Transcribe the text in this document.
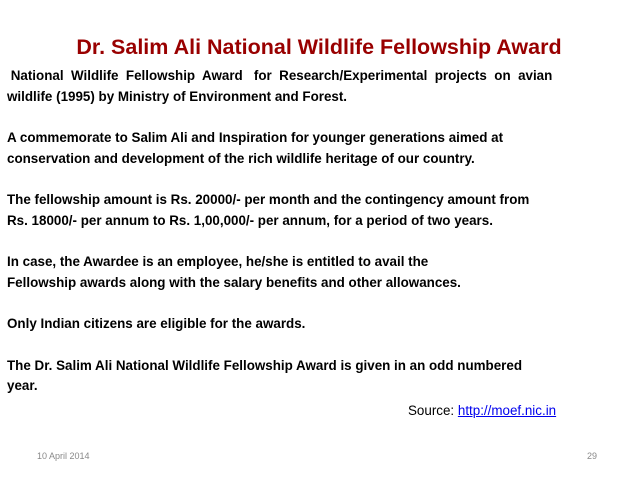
Dr. Salim Ali National Wildlife Fellowship Award

National  Wildlife  Fellowship  Award   for  Research/Experimental  projects  on  avian
wildlife (1995) by Ministry of Environment and Forest.

A commemorate to Salim Ali and Inspiration for younger generations aimed at
conservation and development of the rich wildlife heritage of our country.

The fellowship amount is Rs. 20000/- per month and the contingency amount from
Rs. 18000/- per annum to Rs. 1,00,000/- per annum, for a period of two years.

In case, the Awardee is an employee, he/she is entitled to avail the
Fellowship awards along with the salary benefits and other allowances.

Only Indian citizens are eligible for the awards.

The Dr. Salim Ali National Wildlife Fellowship Award is given in an odd numbered
year.

Source: http://moef.nic.in
10 April 2014	29
